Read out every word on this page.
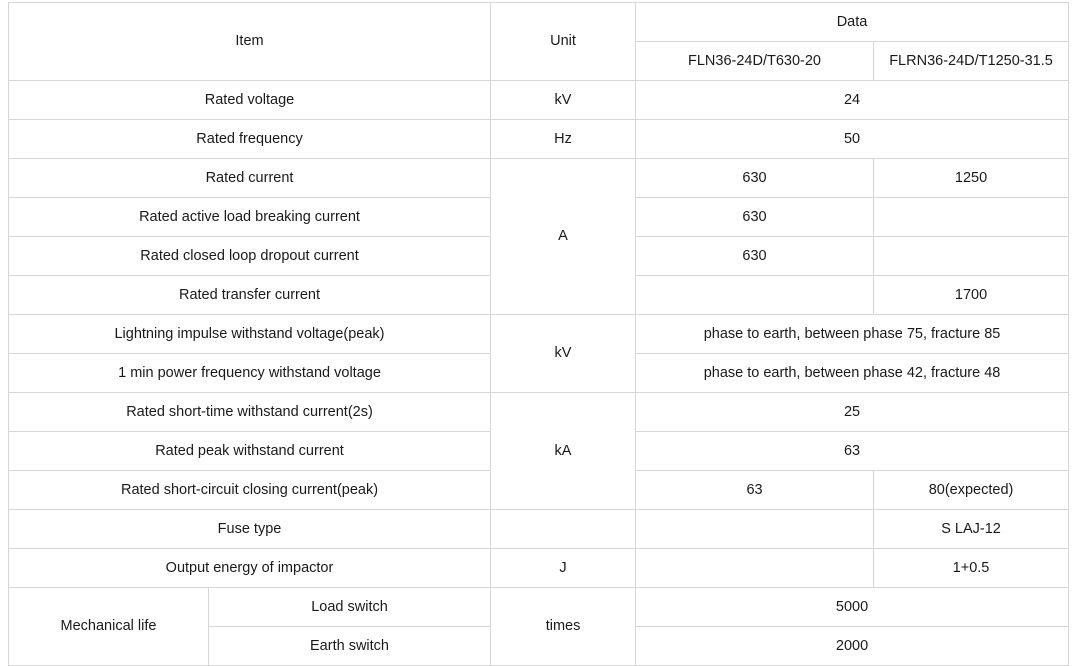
Item		Unit	Data	
			FLN36-24D/T630-20	FLRN36-24D/T1250-31.5
Rated voltage		kV	24	
Rated frequency		Hz	50	
Rated current		A	630	1250
Rated active load breaking current			630	
Rated closed loop dropout current			630	
Rated transfer current				1700
Lightning impulse withstand voltage(peak)		kV	phase to earth, between phase 75, fracture 85	
1 min power frequency withstand voltage			phase to earth, between phase 42, fracture 48	
Rated short-time withstand current(2s)		kA	25	
Rated peak withstand current			63	
Rated short-circuit closing current(peak)			63	80(expected)
Fuse type				S LAJ-12
Output energy of impactor		J		1+0.5
Mechanical life	Load switch	times	5000	
	Earth switch		2000	
